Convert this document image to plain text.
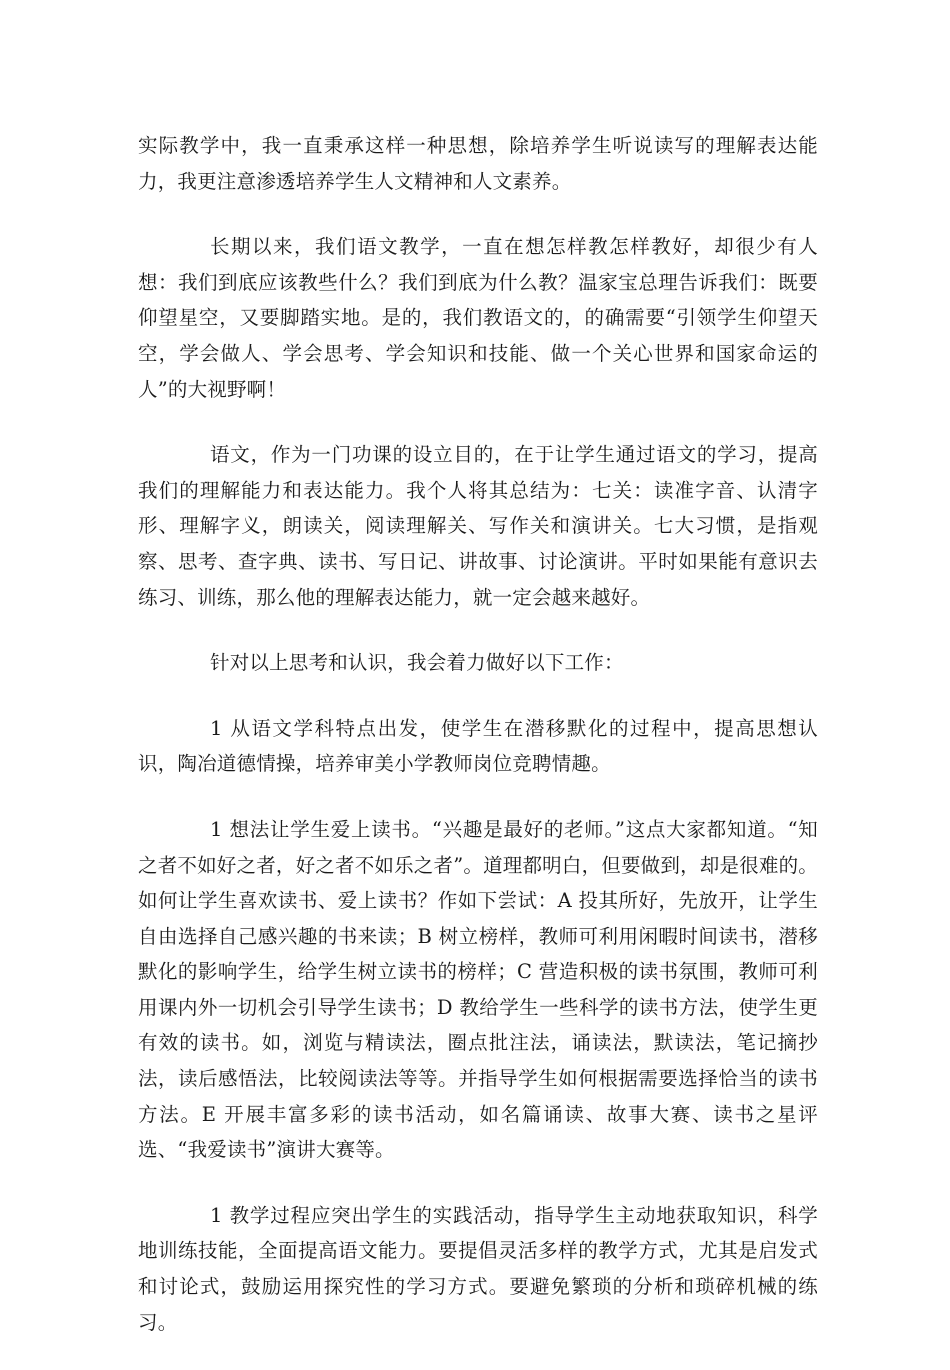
实际教学中，我一直秉承这样一种思想，除培养学生听说读写的理解表达能力，我更注意渗透培养学生人文精神和人文素养。

长期以来，我们语文教学，一直在想怎样教怎样教好，却很少有人想：我们到底应该教些什么？我们到底为什么教？温家宝总理告诉我们：既要仰望星空，又要脚踏实地。是的，我们教语文的，的确需要“引领学生仰望天空，学会做人、学会思考、学会知识和技能、做一个关心世界和国家命运的人”的大视野啊！

语文，作为一门功课的设立目的，在于让学生通过语文的学习，提高我们的理解能力和表达能力。我个人将其总结为：七关：读准字音、认清字形、理解字义，朗读关，阅读理解关、写作关和演讲关。七大习惯，是指观察、思考、查字典、读书、写日记、讲故事、讨论演讲。平时如果能有意识去练习、训练，那么他的理解表达能力，就一定会越来越好。

针对以上思考和认识，我会着力做好以下工作：

1 从语文学科特点出发，使学生在潜移默化的过程中，提高思想认识，陶冶道德情操，培养审美小学教师岗位竞聘情趣。

1 想法让学生爱上读书。“兴趣是最好的老师。”这点大家都知道。“知之者不如好之者，好之者不如乐之者”。道理都明白，但要做到，却是很难的。如何让学生喜欢读书、爱上读书？作如下尝试：A 投其所好，先放开，让学生自由选择自己感兴趣的书来读；B 树立榜样，教师可利用闲暇时间读书，潜移默化的影响学生，给学生树立读书的榜样；C 营造积极的读书氛围，教师可利用课内外一切机会引导学生读书；D 教给学生一些科学的读书方法，使学生更有效的读书。如，浏览与精读法，圈点批注法，诵读法，默读法，笔记摘抄法，读后感悟法，比较阅读法等等。并指导学生如何根据需要选择恰当的读书方法。E 开展丰富多彩的读书活动，如名篇诵读、故事大赛、读书之星评选、“我爱读书”演讲大赛等。

1 教学过程应突出学生的实践活动，指导学生主动地获取知识，科学地训练技能，全面提高语文能力。要提倡灵活多样的教学方式，尤其是启发式和讨论式，鼓励运用探究性的学习方式。要避免繁琐的分析和琐碎机械的练习。
